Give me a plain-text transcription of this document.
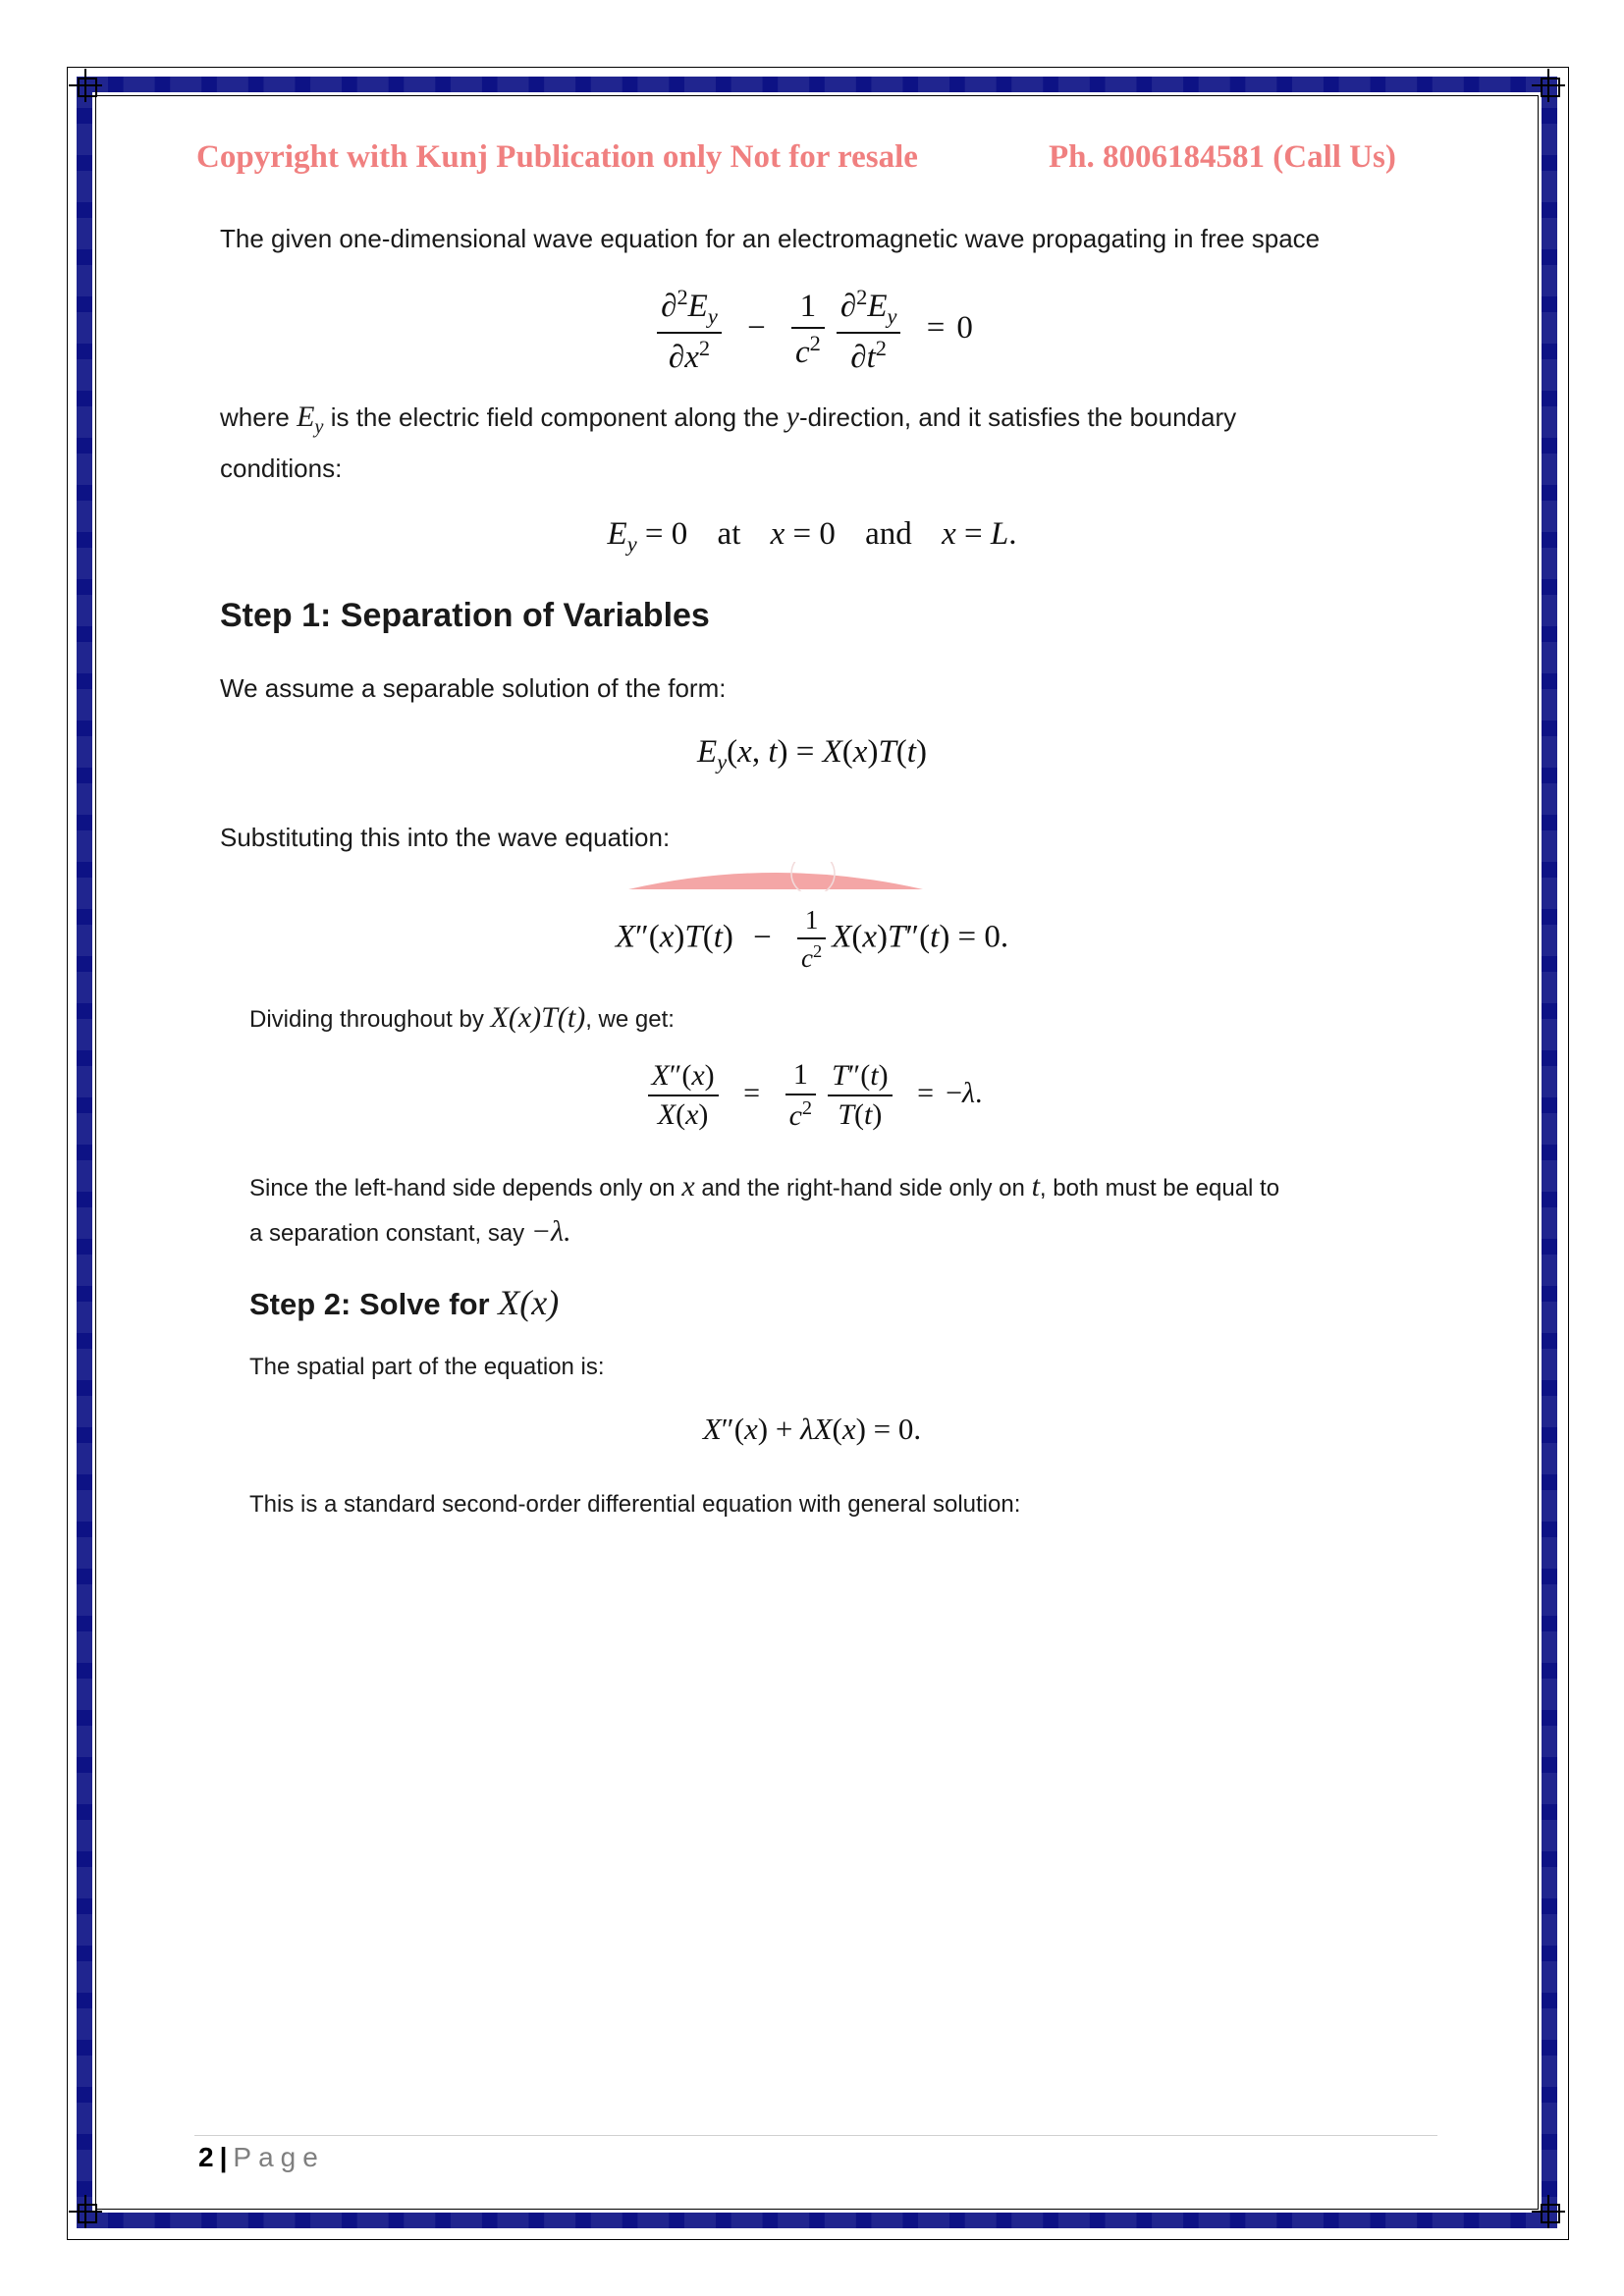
Copyright with Kunj Publication only Not for resale	Ph. 8006184581 (Call Us)
The given one-dimensional wave equation for an electromagnetic wave propagating in free space
$\frac{\partial^2E_y}{\partial x^2} - \frac{1}{c^2} \frac{\partial^2E_y}{\partial t^2} = 0$
where $E_y$ is the electric field component along the y-direction, and it satisfies the boundary
conditions:
$E_y = 0$ at x = 0 and x = L.
Step 1: Separation of Variables
We assume a separable solution of the form:
$E_y(x$, t) = X(x)T(t)
Substituting this into the wave equation:
$X''(x)T(t) - \frac{1}{c^2} X(x)T''(t) = 0$.
Dividing throughout by X(x)T(t), we get:
$\frac{X''(x)}{X(x)} = \frac{1}{c^2} \frac{T''(t)}{T(t)} = -\lambda$.
Since the left-hand side depends only on x and the right-hand side only on t, both must be equal to
a separation constant, say −λ.
Step 2: Solve for X(x)
The spatial part of the equation is:
X″(x) + λX(x) = 0.
This is a standard second-order differential equation with general solution:
2 | Page
